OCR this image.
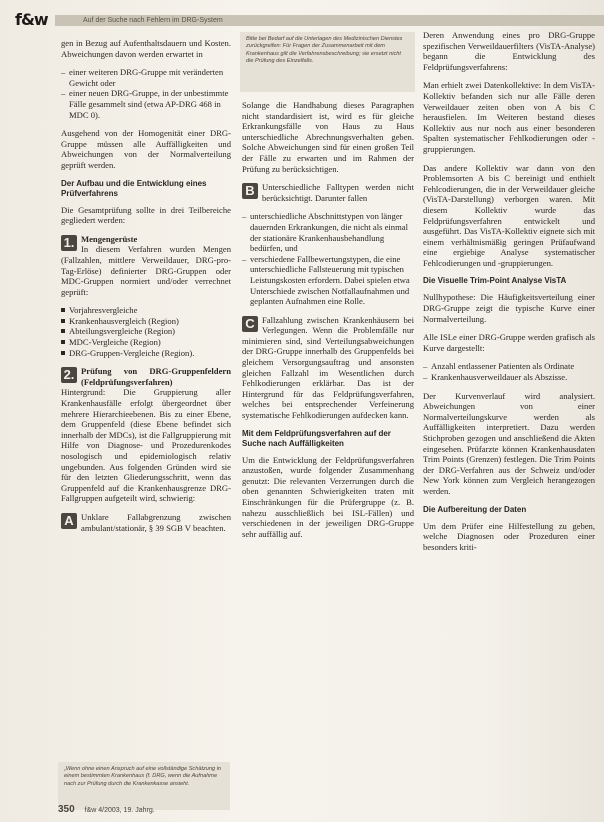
f&w	Auf der Suche nach Fehlern im DRG-System
Bitte bei Bedarf auf die Unterlagen des Medizinischen Dienstes zurückgreifen: Für Fragen der Zusammenarbeit mit dem Krankenhaus gilt die Verfahrensbeschreibung; sie ersetzt nicht die Prüfung des Einzelfalls.

gen in Bezug auf Aufenthaltsdauern und Kosten. Abweichungen davon werden erwartet in

– einer weiteren DRG-Gruppe mit veränderten Gewicht oder
– einer neuen DRG-Gruppe, in der unbestimmte Fälle gesammelt sind (etwa AP-DRG 468 in MDC 0).

Ausgehend von der Homogenität einer DRG-Gruppe müssen alle Auffälligkeiten und Abweichungen von der Normalverteilung geprüft werden.

Der Aufbau und die Entwicklung eines Prüfverfahrens

Die Gesamtprüfung sollte in drei Teilbereiche gegliedert werden:

1. Mengengerüste
In diesem Verfahren wurden Mengen (Fallzahlen, mittlere Verweildauer, DRG-pro-Tag-Erlöse) definierter DRG-Gruppen oder MDC-Gruppen normiert und/oder verrechnet geprüft:

Vorjahresvergleiche
Krankenhausvergleich (Region)
Abteilungsvergleiche (Region)
MDC-Vergleiche (Region)
DRG-Gruppen-Vergleiche (Region).

2. Prüfung von DRG-Gruppenfeldern (Feldprüfungsverfahren)
Hintergrund: Die Gruppierung aller Krankenhausfälle erfolgt übergeordnet über mehrere Hierarchieebenen. Bis zu einer Ebene, dem Gruppenfeld (diese Ebene befindet sich innerhalb der MDCs), ist die Fallgruppierung mit Hilfe von Diagnose- und Prozedurenkodes nosologisch und epidemiologisch relativ ungebunden. Aus folgenden Gründen wird sie für den letzten Gliederungsschritt, wenn das Gruppenfeld auf die Krankenhausgrenze DRG-Fallgruppen aufgeteilt wird, schwierig:

A Unklare Fallabgrenzung zwischen ambulant/stationär, § 39 SGB V beachten.

Solange die Handhabung dieses Paragraphen nicht standardisiert ist, wird es für gleiche Erkrankungsfälle von Haus zu Haus unterschiedliche Abrechnungsverhalten geben. Solche Abweichungen sind für einen großen Teil der Fälle zu erwarten und im Rahmen der Prüfung zu berücksichtigen.

B Unterschiedliche Falltypen werden nicht berücksichtigt. Darunter fallen

– unterschiedliche Abschnittstypen von länger dauernden Erkrankungen, die nicht als einmal der stationäre Krankenhausbehandlung bedürfen, und
– verschiedene Fallbewertungstypen, die eine unterschiedliche Fallsteuerung mit typischen Leistungskosten erfordern. Dabei spielen etwa Unterschiede zwischen Notfallaufnahmen und geplanten Aufnahmen eine Rolle.

C Fallzahlung zwischen Krankenhäusern bei Verlegungen. Wenn die Problemfälle nur minimieren sind, sind Verteilungsabweichungen der DRG-Gruppe innerhalb des Gruppenfelds bei gleichem Versorgungsauftrag und ansonsten gleichen Fallzahl im Wesentlichen durch Fehlkodierungen erklärbar. Das ist der Hintergrund für das Feldprüfungsverfahren, welches bei entsprechender Verfeinerung systematische Fehlkodierungen aufdecken kann.

Mit dem Feldprüfungsverfahren auf der Suche nach Auffälligkeiten

Um die Entwicklung der Feldprüfungsverfahren anzustoßen, wurde folgender Zusammenhang genutzt: Die relevanten Verzerrungen durch die oben genannten Schwierigkeiten traten mit Einschränkungen für die Prüfergruppe (z. B. nahezu ausschließlich bei ISL-Fällen) und verschiedenen in der jeweiligen DRG-Gruppe sehr auffällig auf.

Deren Anwendung eines pro DRG-Gruppe spezifischen Verweildauerfilters (VisTA-Analyse) begann die Entwicklung des Feldprüfungsverfahrens:

Man erhielt zwei Datenkollektive: In dem VisTA-Kollektiv befanden sich nur alle Fälle deren Verweildauer zeiten oben von A bis C herausfielen. Im Weiteren bestand dieses Kollektiv aus nur noch aus einer besonderen Spalten systematischer Fehlkodierungen oder -gruppierungen.

Das andere Kollektiv war dann von den Problemsorten A bis C bereinigt und enthielt Fehlcodierungen, die in der Verweildauer gleiche (VisTA-Darstellung) verborgen waren. Mit diesem Kollektiv wurde das Feldprüfungsverfahren entwickelt und ausgeführt. Das VisTA-Kollektiv eignete sich mit einem verhältnismäßig geringen Prüfaufwand eine ergiebige Analyse systematischer Fehlcodierungen und -gruppierungen.

Die Visuelle Trim-Point Analyse VisTA

Nullhypothese: Die Häufigkeitsverteilung einer DRG-Gruppe zeigt die typische Kurve einer Normalverteilung.

Alle ISLe einer DRG-Gruppe werden grafisch als Kurve dargestellt:

– Anzahl entlassener Patienten als Ordinate
– Krankenhausverweildauer als Abszisse.

Der Kurvenverlauf wird analysiert. Abweichungen von einer Normalverteilungskurve werden als Auffälligkeiten interpretiert. Dazu werden Stichproben gezogen und anschließend die Akten eingesehen. Prüfarzte können Krankenhausdaten Trim Points (Grenzen) festlegen. Die Trim Points der DRG-Verfahren aus der Schweiz und/oder New York können zum Vergleich herangezogen werden.

Die Aufbereitung der Daten

Um dem Prüfer eine Hilfestellung zu geben, welche Diagnosen oder Prozeduren einer besonders kriti-

„Wenn ohne einen Anspruch auf eine vollständige Schätzung in einem bestimmten Krankenhaus (f. DRG, wenn die Aufnahme nach zur Prüfung durch die Krankenkasse ansieht.
350 f&w 4/2003, 19. Jahrg.
